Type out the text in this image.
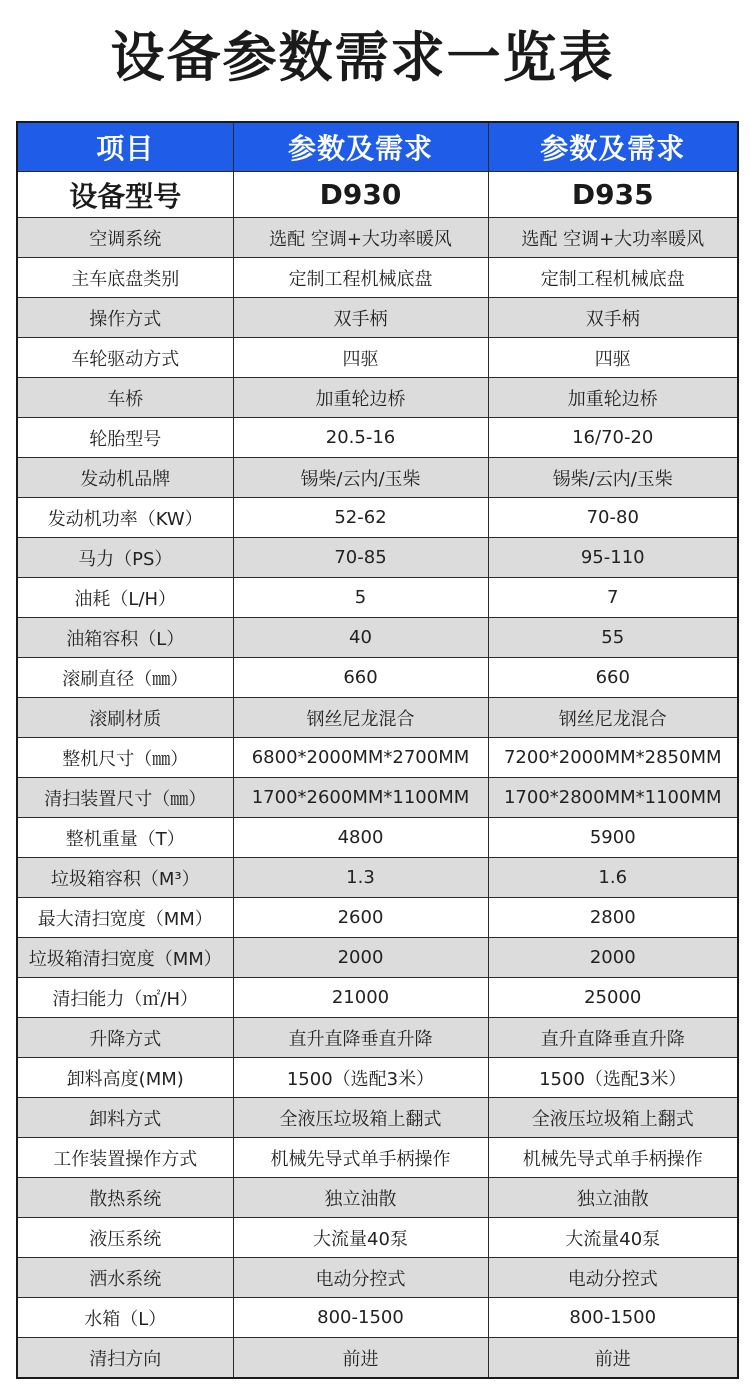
设备参数需求一览表
项目	参数及需求	参数及需求
设备型号	D930	D935
空调系统	选配 空调+大功率暖风	选配 空调+大功率暖风
主车底盘类别	定制工程机械底盘	定制工程机械底盘
操作方式	双手柄	双手柄
车轮驱动方式	四驱	四驱
车桥	加重轮边桥	加重轮边桥
轮胎型号	20.5-16	16/70-20
发动机品牌	锡柴/云内/玉柴	锡柴/云内/玉柴
发动机功率（KW）	52-62	70-80
马力（PS）	70-85	95-110
油耗（L/H）	5	7
油箱容积（L）	40	55
滚刷直径（㎜）	660	660
滚刷材质	钢丝尼龙混合	钢丝尼龙混合
整机尺寸（㎜）	6800*2000MM*2700MM	7200*2000MM*2850MM
清扫装置尺寸（㎜）	1700*2600MM*1100MM	1700*2800MM*1100MM
整机重量（T）	4800	5900
垃圾箱容积（M³）	1.3	1.6
最大清扫宽度（MM）	2600	2800
垃圾箱清扫宽度（MM）	2000	2000
清扫能力（㎡/H）	21000	25000
升降方式	直升直降垂直升降	直升直降垂直升降
卸料高度(MM)	1500（选配3米）	1500（选配3米）
卸料方式	全液压垃圾箱上翻式	全液压垃圾箱上翻式
工作装置操作方式	机械先导式单手柄操作	机械先导式单手柄操作
散热系统	独立油散	独立油散
液压系统	大流量40泵	大流量40泵
洒水系统	电动分控式	电动分控式
水箱（L）	800-1500	800-1500
清扫方向	前进	前进
